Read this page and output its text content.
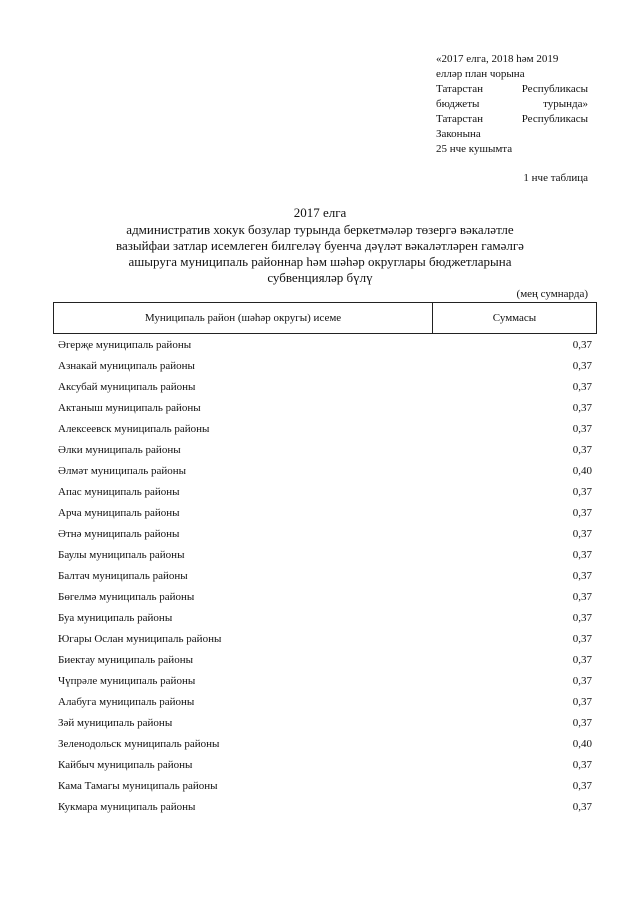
«2017 елга, 2018 һәм 2019
елләр план чорына
Татарстан	Республикасы
бюджеты	турында»
Татарстан	Республикасы
Законына
25 нче кушымта
1 нче таблица
2017 елга
административ хокук бозулар турында беркетмәләр төзергә вәкаләтле
вазыйфаи затлар исемлеген билгеләү буенча дәүләт вәкаләтләрен гамәлгә
ашыруга муниципаль районнар һәм шәһәр округлары бюджетларына
субвенцияләр бүлү
(мең сумнарда)
Муниципаль район (шәһәр округы) исеме	Суммасы
Әгерҗе муниципаль районы	0,37
Азнакай муниципаль районы	0,37
Аксубай муниципаль районы	0,37
Актаныш муниципаль районы	0,37
Алексеевск муниципаль районы	0,37
Әлки муниципаль районы	0,37
Әлмәт муниципаль районы	0,40
Апас муниципаль районы	0,37
Арча муниципаль районы	0,37
Әтнә муниципаль районы	0,37
Баулы муниципаль районы	0,37
Балтач муниципаль районы	0,37
Бөгелмә муниципаль районы	0,37
Буа муниципаль районы	0,37
Югары Ослан муниципаль районы	0,37
Биектау муниципаль районы	0,37
Чүпрәле муниципаль районы	0,37
Алабуга муниципаль районы	0,37
Зәй муниципаль районы	0,37
Зеленодольск муниципаль районы	0,40
Кайбыч муниципаль районы	0,37
Кама Тамагы муниципаль районы	0,37
Кукмара муниципаль районы	0,37
